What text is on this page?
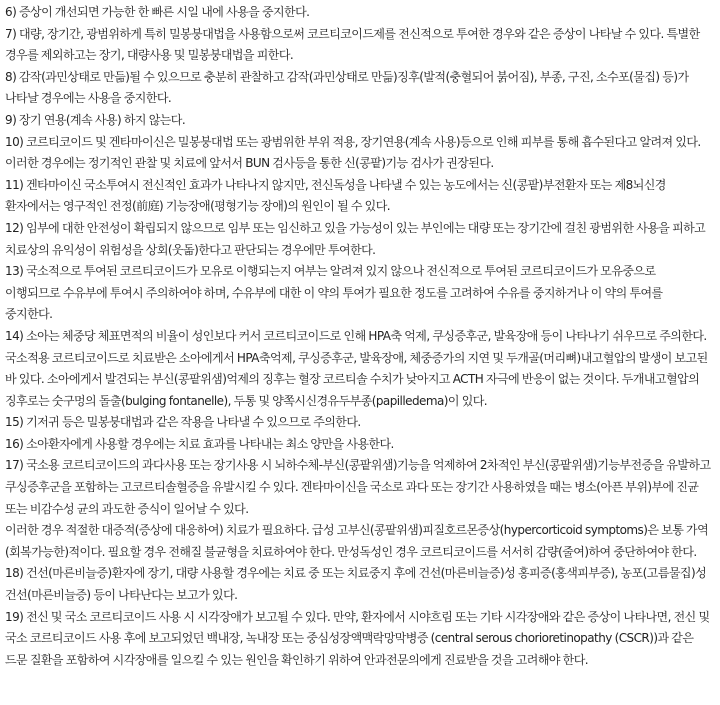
6) 증상이 개선되면 가능한 한 빠른 시일 내에 사용을 중지한다.

7) 대량, 장기간, 광범위하게 특히 밀봉붕대법을 사용함으로써 코르티코이드제를 전신적으로 투여한 경우와 같은 증상이 나타날 수 있다. 특별한 경우를 제외하고는 장기, 대량사용 및 밀봉붕대법을 피한다.

8) 감작(과민상태로 만듦)될 수 있으므로 충분히 관찰하고 감작(과민상태로 만듦)징후(발적(충혈되어 붉어짐), 부종, 구진, 소수포(물집) 등)가 나타날 경우에는 사용을 중지한다.

9) 장기 연용(계속 사용) 하지 않는다.

10) 코르티코이드 및 겐타마이신은 밀봉붕대법 또는 광범위한 부위 적용, 장기연용(계속 사용)등으로 인해 피부를 통해 흡수된다고 알려져 있다. 이러한 경우에는 정기적인 관찰 및 치료에 앞서서 BUN 검사등을 통한 신(콩팥)기능 검사가 권장된다.

11) 겐타마이신 국소투여시 전신적인 효과가 나타나지 않지만, 전신독성을 나타낼 수 있는 농도에서는 신(콩팥)부전환자 또는 제8뇌신경 환자에서는 영구적인 전정(前庭) 기능장애(평형기능 장애)의 원인이 될 수 있다.

12) 임부에 대한 안전성이 확립되지 않으므로 임부 또는 임신하고 있을 가능성이 있는 부인에는 대량 또는 장기간에 걸친 광범위한 사용을 피하고 치료상의 유익성이 위험성을 상회(웃돎)한다고 판단되는 경우에만 투여한다.

13) 국소적으로 투여된 코르티코이드가 모유로 이행되는지 여부는 알려져 있지 않으나 전신적으로 투여된 코르티코이드가 모유중으로 이행되므로 수유부에 투여시 주의하여야 하며, 수유부에 대한 이 약의 투여가 필요한 정도를 고려하여 수유를 중지하거나 이 약의 투여를 중지한다.

14) 소아는 체중당 체표면적의 비율이 성인보다 커서 코르티코이드로 인해 HPA축 억제, 쿠싱증후군, 발육장애 등이 나타나기 쉬우므로 주의한다. 국소적용 코르티코이드로 치료받은 소아에게서 HPA축억제, 쿠싱증후군, 발육장애, 체중증가의 지연 및 두개골(머리뼈)내고혈압의 발생이 보고된 바 있다. 소아에게서 발견되는 부신(콩팥위샘)억제의 징후는 혈장 코르티솔 수치가 낮아지고 ACTH 자극에 반응이 없는 것이다. 두개내고혈압의 징후로는 숫구멍의 돌출(bulging fontanelle), 두통 및 양쪽시신경유두부종(papilledema)이 있다.

15) 기저귀 등은 밀봉붕대법과 같은 작용을 나타낼 수 있으므로 주의한다.

16) 소아환자에게 사용할 경우에는 치료 효과를 나타내는 최소 양만을 사용한다.

17) 국소용 코르티코이드의 과다사용 또는 장기사용 시 뇌하수체-부신(콩팥위샘)기능을 억제하여 2차적인 부신(콩팥위샘)기능부전증을 유발하고 쿠싱증후군을 포함하는 고코르티솔혈증을 유발시킬 수 있다. 겐타마이신을 국소로 과다 또는 장기간 사용하였을 때는 병소(아픈 부위)부에 진균 또는 비감수성 균의 과도한 증식이 일어날 수 있다.

이러한 경우 적절한 대증적(증상에 대응하여) 치료가 필요하다. 급성 고부신(콩팥위샘)피질호르몬증상(hypercorticoid symptoms)은 보통 가역(회복가능한)적이다. 필요할 경우 전해질 불균형을 치료하여야 한다. 만성독성인 경우 코르티코이드를 서서히 감량(줄여)하여 중단하여야 한다.

18) 건선(마른비늘증)환자에 장기, 대량 사용할 경우에는 치료 중 또는 치료중지 후에 건선(마른비늘증)성 홍피증(홍색피부증), 농포(고름물집)성 건선(마른비늘증) 등이 나타난다는 보고가 있다.

19) 전신 및 국소 코르티코이드 사용 시 시각장애가 보고될 수 있다. 만약, 환자에서 시야흐림 또는 기타 시각장애와 같은 증상이 나타나면, 전신 및 국소 코르티코이드 사용 후에 보고되었던 백내장, 녹내장 또는 중심성장액맥락망막병증 (central serous chorioretinopathy (CSCR))과 같은 드문 질환을 포함하여 시각장애를 일으킬 수 있는 원인을 확인하기 위하여 안과전문의에게 진료받을 것을 고려해야 한다.
